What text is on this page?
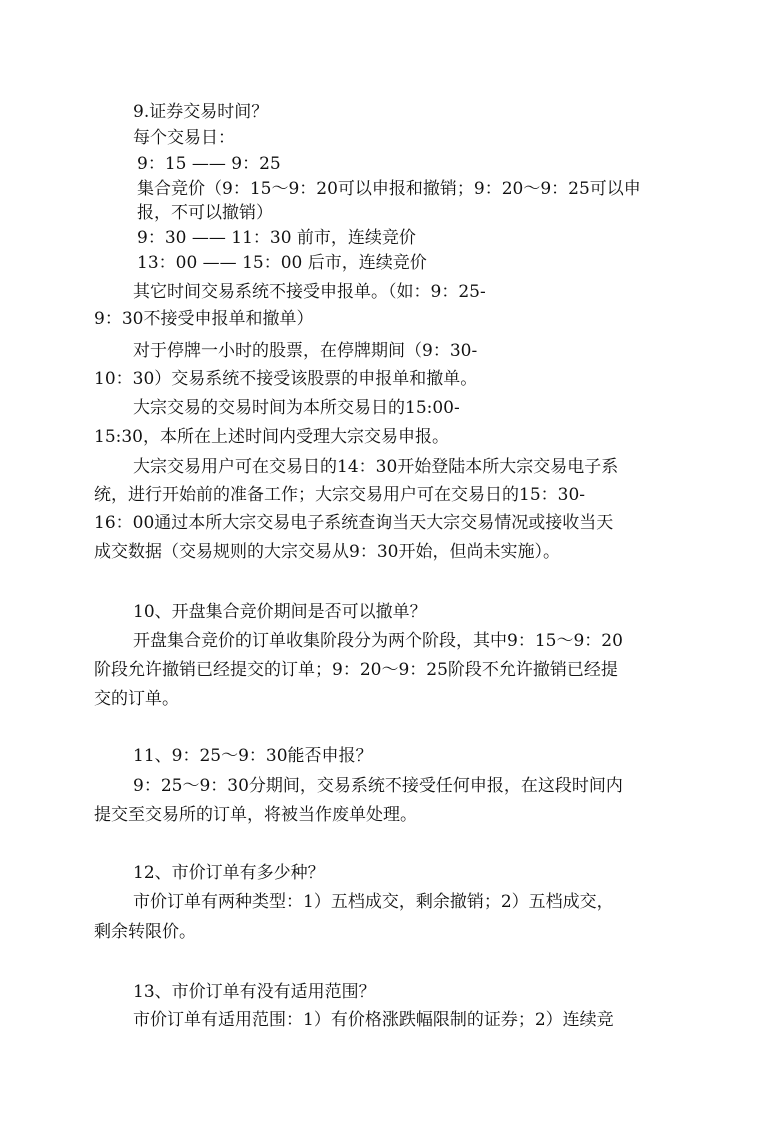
9.证券交易时间？
每个交易日：
9：15 —— 9：25
集合竞价（9：15～9：20可以申报和撤销；9：20～9：25可以申
报，不可以撤销）
9：30 —— 11：30 前市，连续竞价
13：00 —— 15：00 后市，连续竞价
其它时间交易系统不接受申报单。（如：9：25-
9：30不接受申报单和撤单）
对于停牌一小时的股票，在停牌期间（9：30-
10：30）交易系统不接受该股票的申报单和撤单。
大宗交易的交易时间为本所交易日的15:00-
15:30，本所在上述时间内受理大宗交易申报。
大宗交易用户可在交易日的14：30开始登陆本所大宗交易电子系
统，进行开始前的准备工作；大宗交易用户可在交易日的15：30-
16：00通过本所大宗交易电子系统查询当天大宗交易情况或接收当天
成交数据（交易规则的大宗交易从9：30开始，但尚未实施）。
10、开盘集合竞价期间是否可以撤单？
开盘集合竞价的订单收集阶段分为两个阶段，其中9：15～9：20
阶段允许撤销已经提交的订单；9：20～9：25阶段不允许撤销已经提
交的订单。
11、9：25～9：30能否申报？
9：25～9：30分期间，交易系统不接受任何申报，在这段时间内
提交至交易所的订单，将被当作废单处理。
12、市价订单有多少种？
市价订单有两种类型：1）五档成交，剩余撤销；2）五档成交，
剩余转限价。
13、市价订单有没有适用范围？
市价订单有适用范围：1）有价格涨跌幅限制的证券；2）连续竞
